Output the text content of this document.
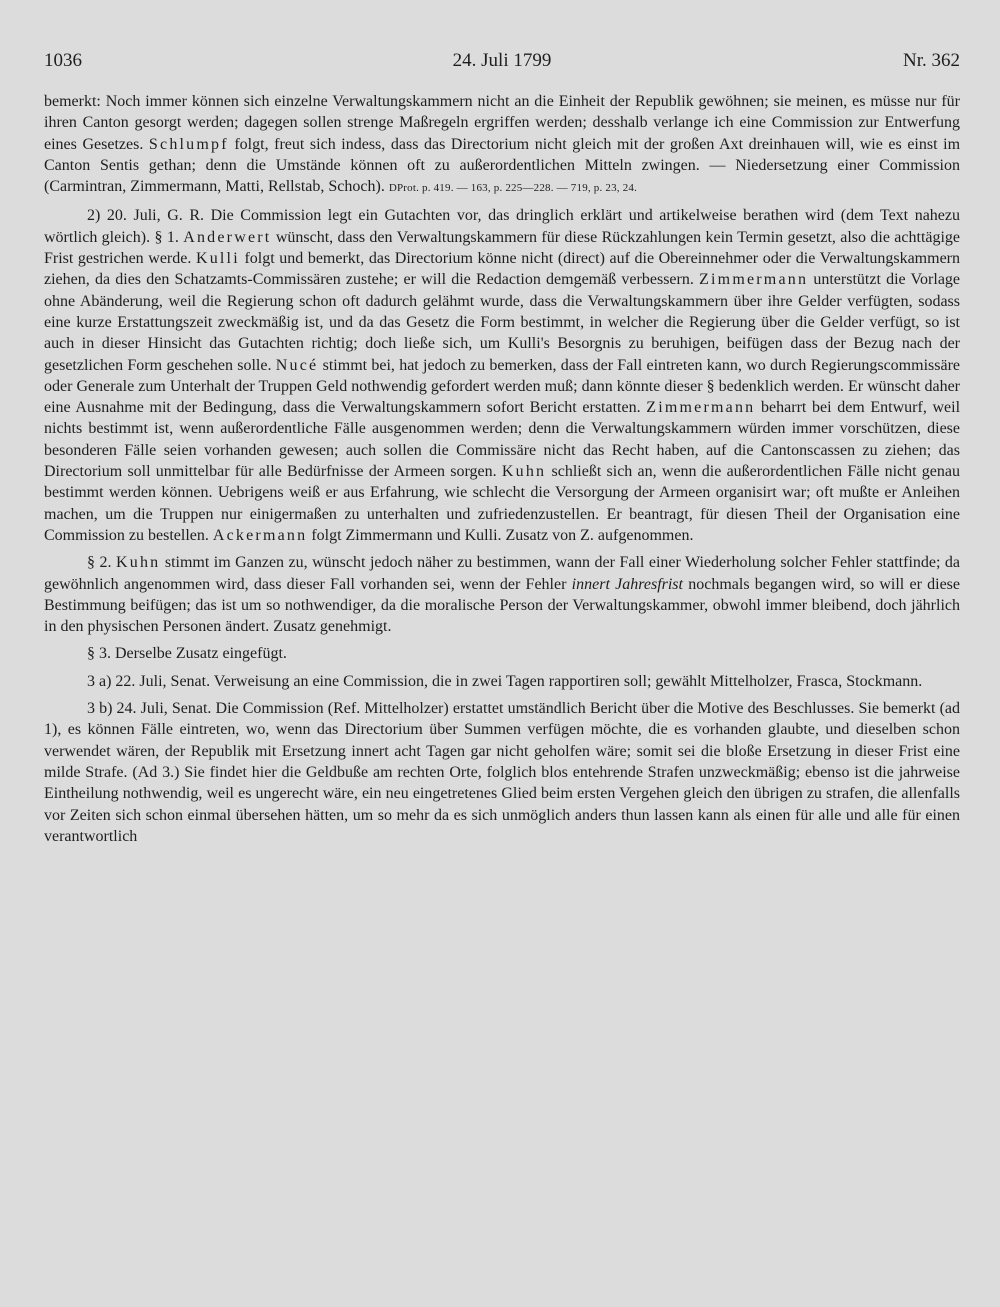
1036	24. Juli 1799	Nr. 362

bemerkt: Noch immer können sich einzelne Verwaltungskammern nicht an die Einheit der Republik gewöhnen; sie meinen, es müsse nur für ihren Canton gesorgt werden; dagegen sollen strenge Maßregeln ergriffen werden; desshalb verlange ich eine Commission zur Entwerfung eines Gesetzes. Schlumpf folgt, freut sich indess, dass das Directorium nicht gleich mit der großen Axt dreinhauen will, wie es einst im Canton Sentis gethan; denn die Umstände können oft zu außerordentlichen Mitteln zwingen. — Niedersetzung einer Commission (Carmintran, Zimmermann, Matti, Rellstab, Schoch). DProt. p. 419. — 163, p. 225—228. — 719, p. 23, 24.

2) 20. Juli, G. R. Die Commission legt ein Gutachten vor, das dringlich erklärt und artikelweise berathen wird (dem Text nahezu wörtlich gleich). § 1. Anderwert wünscht, dass den Verwaltungskammern für diese Rückzahlungen kein Termin gesetzt, also die achttägige Frist gestrichen werde. Kulli folgt und bemerkt, das Directorium könne nicht (direct) auf die Obereinnehmer oder die Verwaltungskammern ziehen, da dies den Schatzamts-Commissären zustehe; er will die Redaction demgemäß verbessern. Zimmermann unterstützt die Vorlage ohne Abänderung, weil die Regierung schon oft dadurch gelähmt wurde, dass die Verwaltungskammern über ihre Gelder verfügten, sodass eine kurze Erstattungszeit zweckmäßig ist, und da das Gesetz die Form bestimmt, in welcher die Regierung über die Gelder verfügt, so ist auch in dieser Hinsicht das Gutachten richtig; doch ließe sich, um Kulli's Besorgnis zu beruhigen, beifügen dass der Bezug nach der gesetzlichen Form geschehen solle. Nucé stimmt bei, hat jedoch zu bemerken, dass der Fall eintreten kann, wo durch Regierungscommissäre oder Generale zum Unterhalt der Truppen Geld nothwendig gefordert werden muß; dann könnte dieser § bedenklich werden. Er wünscht daher eine Ausnahme mit der Bedingung, dass die Verwaltungskammern sofort Bericht erstatten. Zimmermann beharrt bei dem Entwurf, weil nichts bestimmt ist, wenn außerordentliche Fälle ausgenommen werden; denn die Verwaltungskammern würden immer vorschützen, diese besonderen Fälle seien vorhanden gewesen; auch sollen die Commissäre nicht das Recht haben, auf die Cantonscassen zu ziehen; das Directorium soll unmittelbar für alle Bedürfnisse der Armeen sorgen. Kuhn schließt sich an, wenn die außerordentlichen Fälle nicht genau bestimmt werden können. Uebrigens weiß er aus Erfahrung, wie schlecht die Versorgung der Armeen organisirt war; oft mußte er Anleihen machen, um die Truppen nur einigermaßen zu unterhalten und zufriedenzustellen. Er beantragt, für diesen Theil der Organisation eine Commission zu bestellen. Ackermann folgt Zimmermann und Kulli. Zusatz von Z. aufgenommen.

§ 2. Kuhn stimmt im Ganzen zu, wünscht jedoch näher zu bestimmen, wann der Fall einer Wiederholung solcher Fehler stattfinde; da gewöhnlich angenommen wird, dass dieser Fall vorhanden sei, wenn der Fehler innert Jahresfrist nochmals begangen wird, so will er diese Bestimmung beifügen; das ist um so nothwendiger, da die moralische Person der Verwaltungskammer, obwohl immer bleibend, doch jährlich in den physischen Personen ändert. Zusatz genehmigt.

§ 3. Derselbe Zusatz eingefügt.

3 a) 22. Juli, Senat. Verweisung an eine Commission, die in zwei Tagen rapportiren soll; gewählt Mittelholzer, Frasca, Stockmann.

3 b) 24. Juli, Senat. Die Commission (Ref. Mittelholzer) erstattet umständlich Bericht über die Motive des Beschlusses. Sie bemerkt (ad 1), es können Fälle eintreten, wo, wenn das Directorium über Summen verfügen möchte, die es vorhanden glaubte, und dieselben schon verwendet wären, der Republik mit Ersetzung innert acht Tagen gar nicht geholfen wäre; somit sei die bloße Ersetzung in dieser Frist eine milde Strafe. (Ad 3.) Sie findet hier die Geldbuße am rechten Orte, folglich blos entehrende Strafen unzweckmäßig; ebenso ist die jahrweise Eintheilung nothwendig, weil es ungerecht wäre, ein neu eingetretenes Glied beim ersten Vergehen gleich den übrigen zu strafen, die allenfalls vor Zeiten sich schon einmal übersehen hätten, um so mehr da es sich unmöglich anders thun lassen kann als einen für alle und alle für einen verantwortlich
